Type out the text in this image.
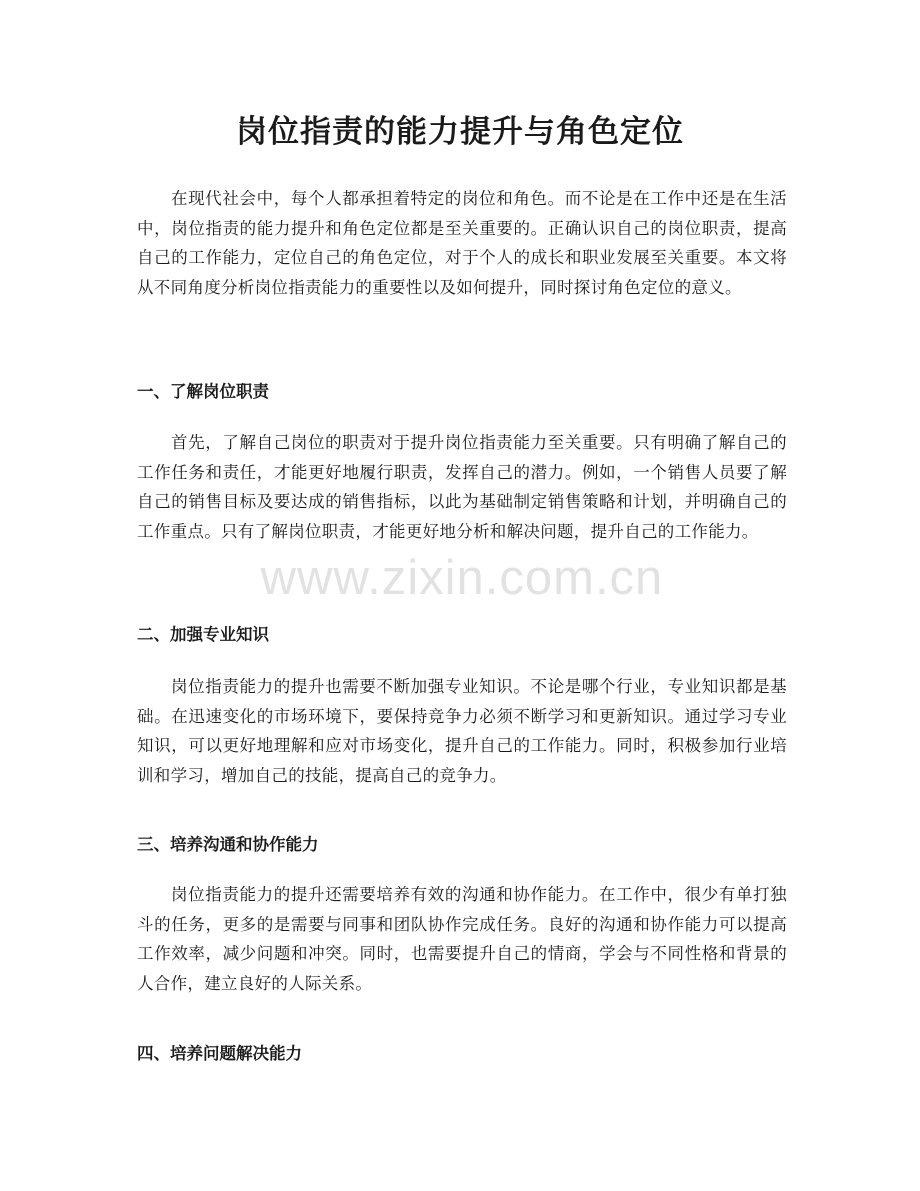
岗位指责的能力提升与角色定位

在现代社会中，每个人都承担着特定的岗位和角色。而不论是在工作中还是在生活中，岗位指责的能力提升和角色定位都是至关重要的。正确认识自己的岗位职责，提高自己的工作能力，定位自己的角色定位，对于个人的成长和职业发展至关重要。本文将从不同角度分析岗位指责能力的重要性以及如何提升，同时探讨角色定位的意义。

一、了解岗位职责

首先，了解自己岗位的职责对于提升岗位指责能力至关重要。只有明确了解自己的工作任务和责任，才能更好地履行职责，发挥自己的潜力。例如，一个销售人员要了解自己的销售目标及要达成的销售指标，以此为基础制定销售策略和计划，并明确自己的工作重点。只有了解岗位职责，才能更好地分析和解决问题，提升自己的工作能力。

二、加强专业知识

岗位指责能力的提升也需要不断加强专业知识。不论是哪个行业，专业知识都是基础。在迅速变化的市场环境下，要保持竞争力必须不断学习和更新知识。通过学习专业知识，可以更好地理解和应对市场变化，提升自己的工作能力。同时，积极参加行业培训和学习，增加自己的技能，提高自己的竞争力。

三、培养沟通和协作能力

岗位指责能力的提升还需要培养有效的沟通和协作能力。在工作中，很少有单打独斗的任务，更多的是需要与同事和团队协作完成任务。良好的沟通和协作能力可以提高工作效率，减少问题和冲突。同时，也需要提升自己的情商，学会与不同性格和背景的人合作，建立良好的人际关系。

四、培养问题解决能力
www.zixin.com.cn
